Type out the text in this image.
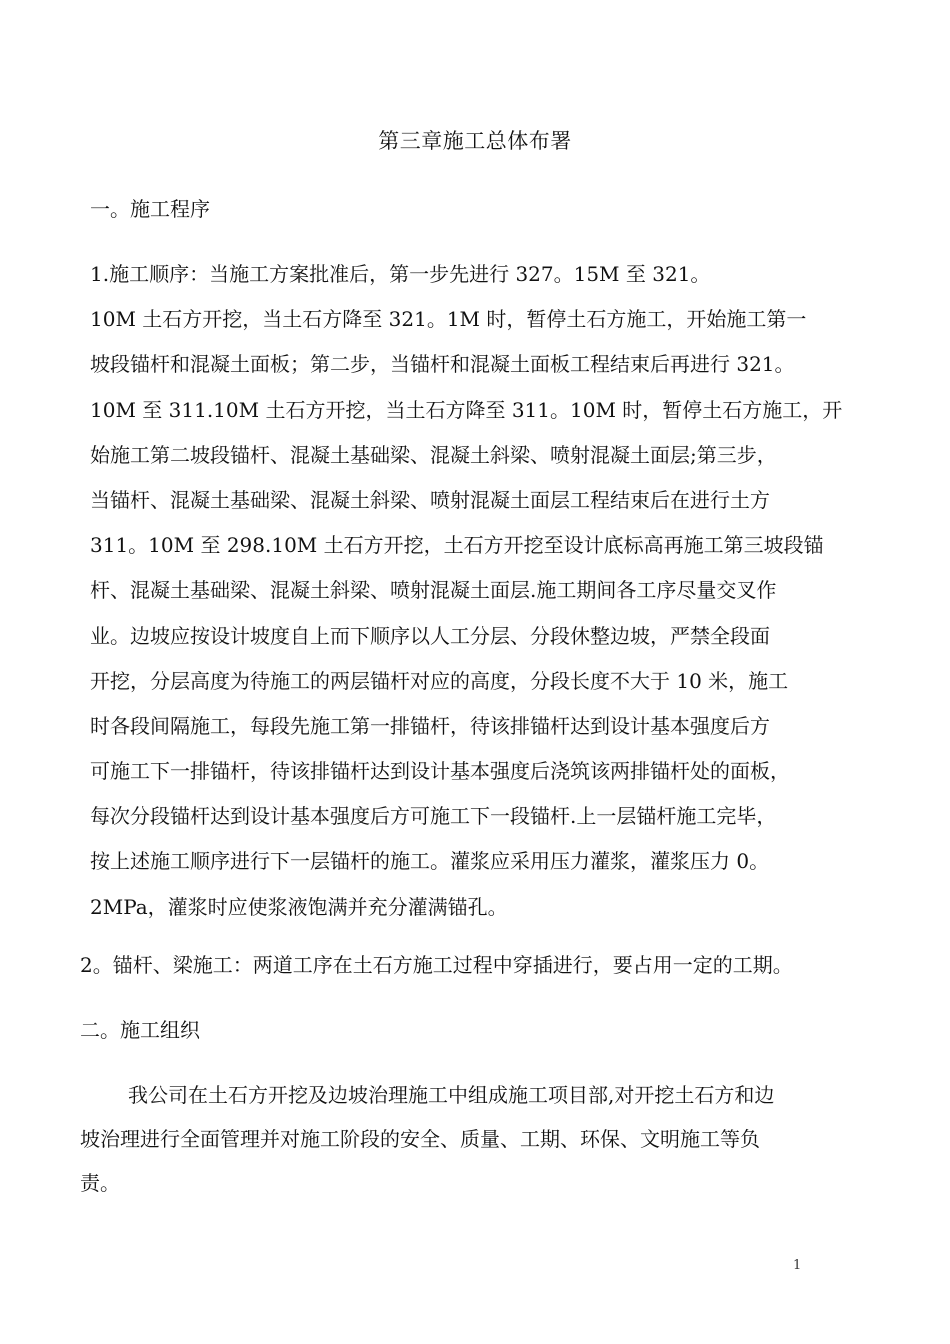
第三章施工总体布署
一。施工程序
1.施工顺序：当施工方案批准后，第一步先进行 327。15M 至 321。
10M 土石方开挖，当土石方降至 321。1M 时，暂停土石方施工，开始施工第一
坡段锚杆和混凝土面板；第二步，当锚杆和混凝土面板工程结束后再进行 321。
10M 至 311.10M 土石方开挖，当土石方降至 311。10M 时，暂停土石方施工，开
始施工第二坡段锚杆、混凝土基础梁、混凝土斜梁、喷射混凝土面层;第三步，
当锚杆、混凝土基础梁、混凝土斜梁、喷射混凝土面层工程结束后在进行土方
311。10M 至 298.10M 土石方开挖，土石方开挖至设计底标高再施工第三坡段锚
杆、混凝土基础梁、混凝土斜梁、喷射混凝土面层.施工期间各工序尽量交叉作
业。边坡应按设计坡度自上而下顺序以人工分层、分段休整边坡，严禁全段面
开挖，分层高度为待施工的两层锚杆对应的高度，分段长度不大于 10 米，施工
时各段间隔施工，每段先施工第一排锚杆，待该排锚杆达到设计基本强度后方
可施工下一排锚杆，待该排锚杆达到设计基本强度后浇筑该两排锚杆处的面板，
每次分段锚杆达到设计基本强度后方可施工下一段锚杆.上一层锚杆施工完毕，
按上述施工顺序进行下一层锚杆的施工。灌浆应采用压力灌浆，灌浆压力 0。
2MPa，灌浆时应使浆液饱满并充分灌满锚孔。
2。锚杆、梁施工：两道工序在土石方施工过程中穿插进行，要占用一定的工期。
二。施工组织
我公司在土石方开挖及边坡治理施工中组成施工项目部,对开挖土石方和边
坡治理进行全面管理并对施工阶段的安全、质量、工期、环保、文明施工等负
责。
1
